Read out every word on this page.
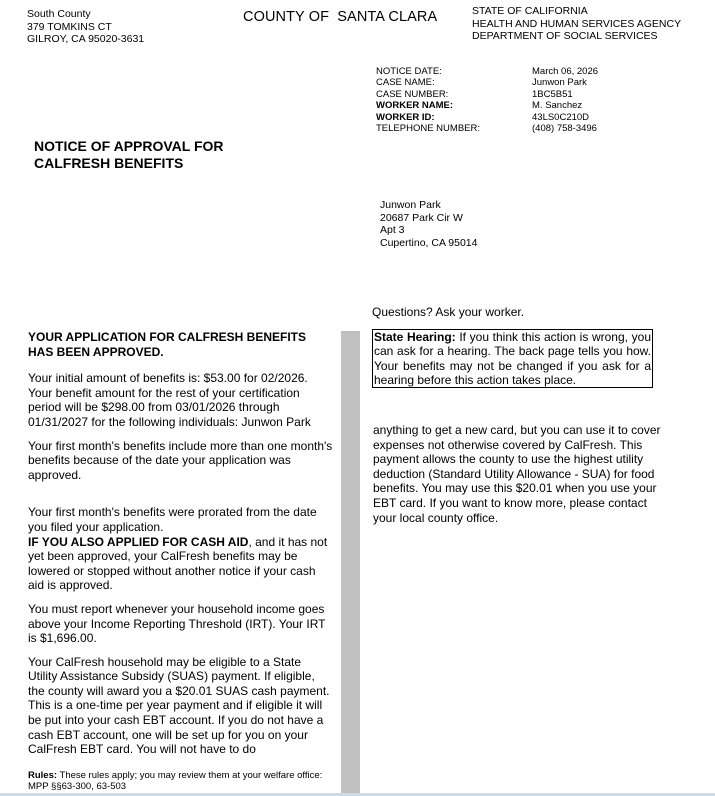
South County
379 TOMKINS CT
GILROY, CA 95020-3631
COUNTY OF  SANTA CLARA	STATE OF CALIFORNIA
HEALTH AND HUMAN SERVICES AGENCY
DEPARTMENT OF SOCIAL SERVICES
NOTICE DATE:	March 06, 2026
CASE NAME:	Junwon Park
CASE NUMBER:	1BC5B51
WORKER NAME:	M. Sanchez
WORKER ID:	43LS0C210D
TELEPHONE NUMBER:	(408) 758-3496
NOTICE OF APPROVAL FOR
CALFRESH BENEFITS
Junwon Park
20687 Park Cir W
Apt 3
Cupertino, CA 95014
Questions? Ask your worker.
State Hearing: If you think this action is wrong, you can ask for a hearing. The back page tells you how. Your benefits may not be changed if you ask for a hearing before this action takes place.
YOUR APPLICATION FOR CALFRESH BENEFITS HAS BEEN APPROVED.

Your initial amount of benefits is: $53.00 for 02/2026. Your benefit amount for the rest of your certification period will be $298.00 from 03/01/2026 through 01/31/2027 for the following individuals: Junwon Park

Your first month's benefits include more than one month's benefits because of the date your application was approved.

Your first month's benefits were prorated from the date you filed your application.

IF YOU ALSO APPLIED FOR CASH AID, and it has not yet been approved, your CalFresh benefits may be lowered or stopped without another notice if your cash aid is approved.

You must report whenever your household income goes above your Income Reporting Threshold (IRT). Your IRT is $1,696.00.

Your CalFresh household may be eligible to a State Utility Assistance Subsidy (SUAS) payment. If eligible, the county will award you a $20.01 SUAS cash payment. This is a one-time per year payment and if eligible it will be put into your cash EBT account. If you do not have a cash EBT account, one will be set up for you on your CalFresh EBT card. You will not have to do

anything to get a new card, but you can use it to cover expenses not otherwise covered by CalFresh. This payment allows the county to use the highest utility deduction (Standard Utility Allowance - SUA) for food benefits. You may use this $20.01 when you use your EBT card. If you want to know more, please contact your local county office.

Rules: These rules apply; you may review them at your welfare office: MPP §§63-300, 63-503
